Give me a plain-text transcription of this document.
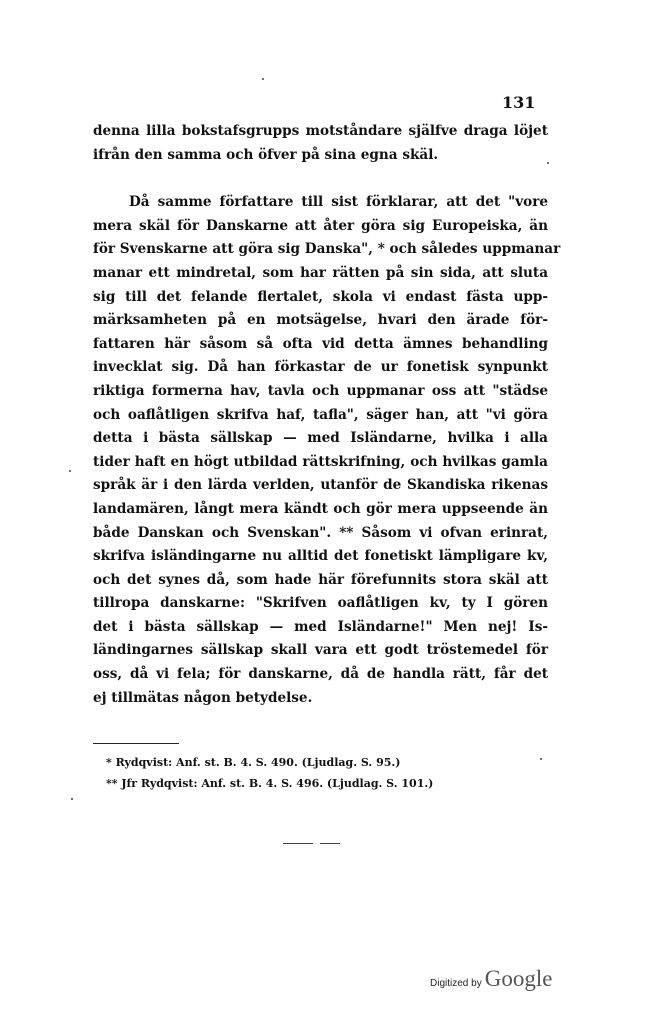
131
denna lilla bokstafsgrupps motståndare själfve draga löjet
ifrån den samma och öfver på sina egna skäl.
Då samme författare till sist förklarar, att det "vore
mera skäl för Danskarne att åter göra sig Europeiska, än
för Svenskarne att göra sig Danska", * och således uppmanar
manar ett mindretal, som har rätten på sin sida, att sluta
sig till det felande flertalet, skola vi endast fästa upp-
märksamheten på en motsägelse, hvari den ärade för-
fattaren här såsom så ofta vid detta ämnes behandling
invecklat sig. Då han förkastar de ur fonetisk synpunkt
riktiga formerna hav, tavla och uppmanar oss att "städse
och oaflåtligen skrifva haf, tafla", säger han, att "vi göra
detta i bästa sällskap — med Isländarne, hvilka i alla
tider haft en högt utbildad rättskrifning, och hvilkas gamla
språk är i den lärda verlden, utanför de Skandiska rikenas
landamären, långt mera kändt och gör mera uppseende än
både Danskan och Svenskan". ** Såsom vi ofvan erinrat,
skrifva isländingarne nu alltid det fonetiskt lämpligare kv,
och det synes då, som hade här förefunnits stora skäl att
tillropa danskarne: "Skrifven oaflåtligen kv, ty I gören
det i bästa sällskap — med Isländarne!" Men nej! Is-
ländingarnes sällskap skall vara ett godt tröstemedel för
oss, då vi fela; för danskarne, då de handla rätt, får det
ej tillmätas någon betydelse.
* Rydqvist: Anf. st. B. 4. S. 490. (Ljudlag. S. 95.)
** Jfr Rydqvist: Anf. st. B. 4. S. 496. (Ljudlag. S. 101.)
Digitized by Google
